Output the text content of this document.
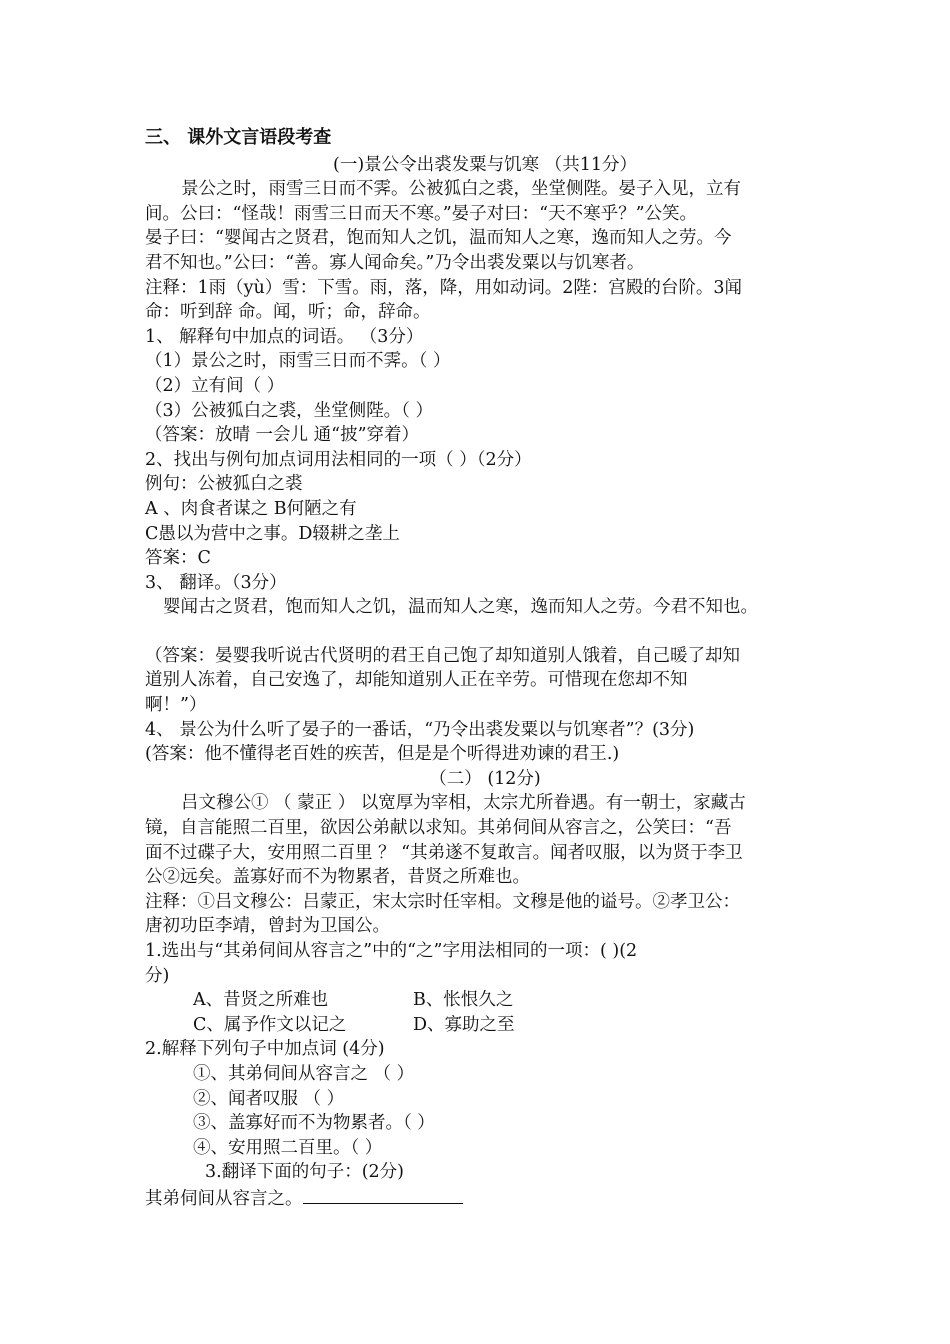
三、 课外文言语段考查
(一)景公令出裘发粟与饥寒 （共11分）
景公之时，雨雪三日而不霁。公被狐白之裘，坐堂侧陛。晏子入见，立有
间。公曰：“怪哉！雨雪三日而天不寒。”晏子对曰：“天不寒乎？”公笑。
晏子曰：“婴闻古之贤君，饱而知人之饥，温而知人之寒，逸而知人之劳。今
君不知也。”公曰：“善。寡人闻命矣。”乃令出裘发粟以与饥寒者。
注释：1雨（yù）雪：下雪。雨，落，降，用如动词。2陛：宫殿的台阶。3闻
命：听到辞 命。闻，听；命，辞命。
1、 解释句中加点的词语。 （3分）
（1）景公之时，雨雪三日而不霁。（ ）
（2）立有间（ ）
（3）公被狐白之裘，坐堂侧陛。（ ）
（答案：放晴 一会儿 通“披”穿着）
2、找出与例句加点词用法相同的一项（ ）（2分）
例句：公被狐白之裘
A 、肉食者谋之 B何陋之有
C愚以为营中之事。D辍耕之垄上
答案：C
3、 翻译。（3分）
婴闻古之贤君，饱而知人之饥，温而知人之寒，逸而知人之劳。今君不知也。
（答案：晏婴我听说古代贤明的君王自己饱了却知道别人饿着，自己暖了却知
道别人冻着，自己安逸了，却能知道别人正在辛劳。可惜现在您却不知
啊！”）
4、 景公为什么听了晏子的一番话，“乃令出裘发粟以与饥寒者”？(3分)
(答案：他不懂得老百姓的疾苦，但是是个听得进劝谏的君王.)
（二） (12分)
吕文穆公① （ 蒙正 ） 以宽厚为宰相，太宗尤所眷遇。有一朝士，家藏古
镜，自言能照二百里，欲因公弟献以求知。其弟伺间从容言之，公笑曰：“吾
面不过碟子大，安用照二百里 ？ “其弟遂不复敢言。闻者叹服，以为贤于李卫
公②远矣。盖寡好而不为物累者，昔贤之所难也。
注释：①吕文穆公：吕蒙正，宋太宗时任宰相。文穆是他的谥号。②孝卫公：
唐初功臣李靖，曾封为卫国公。
1.选出与“其弟伺间从容言之”中的“之”字用法相同的一项：( )(2
分)
A、昔贤之所难也	B、怅恨久之
C、属予作文以记之	D、寡助之至
2.解释下列句子中加点词 (4分)
①、其弟伺间从容言之 （ ）
②、闻者叹服 （ ）
③、盖寡好而不为物累者。（ ）
④、安用照二百里。（ ）
3.翻译下面的句子：(2分)
其弟伺间从容言之。
